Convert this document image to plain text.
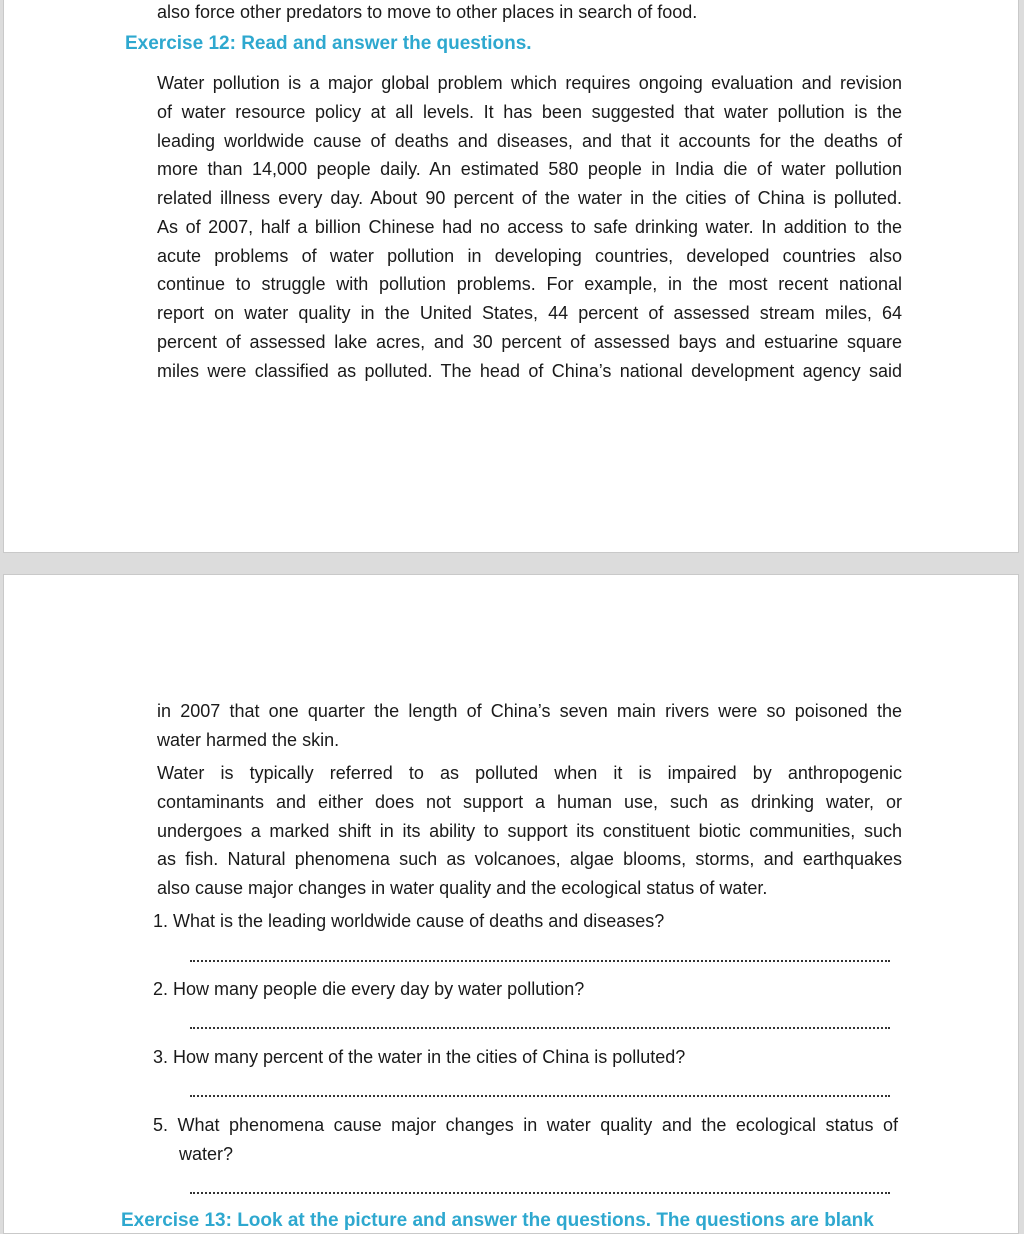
also force other predators to move to other places in search of food.
Exercise 12: Read and answer the questions.
Water pollution is a major global problem which requires ongoing evaluation and revision
of water resource policy at all levels. It has been suggested that water pollution is the
leading worldwide cause of deaths and diseases, and that it accounts for the deaths of
more than 14,000 people daily. An estimated 580 people in India die of water pollution
related illness every day. About 90 percent of the water in the cities of China is polluted.
As of 2007, half a billion Chinese had no access to safe drinking water. In addition to the
acute problems of water pollution in developing countries, developed countries also
continue to struggle with pollution problems. For example, in the most recent national
report on water quality in the United States, 44 percent of assessed stream miles, 64
percent of assessed lake acres, and 30 percent of assessed bays and estuarine square
miles were classified as polluted. The head of China’s national development agency said
in 2007 that one quarter the length of China’s seven main rivers were so poisoned the
water harmed the skin.
Water is typically referred to as polluted when it is impaired by anthropogenic
contaminants and either does not support a human use, such as drinking water, or
undergoes a marked shift in its ability to support its constituent biotic communities, such
as fish. Natural phenomena such as volcanoes, algae blooms, storms, and earthquakes
also cause major changes in water quality and the ecological status of water.
1. What is the leading worldwide cause of deaths and diseases?
2. How many people die every day by water pollution?
3. How many percent of the water in the cities of China is polluted?
5. What phenomena cause major changes in water quality and the ecological status of
water?
Exercise 13: Look at the picture and answer the questions. The questions are blank
